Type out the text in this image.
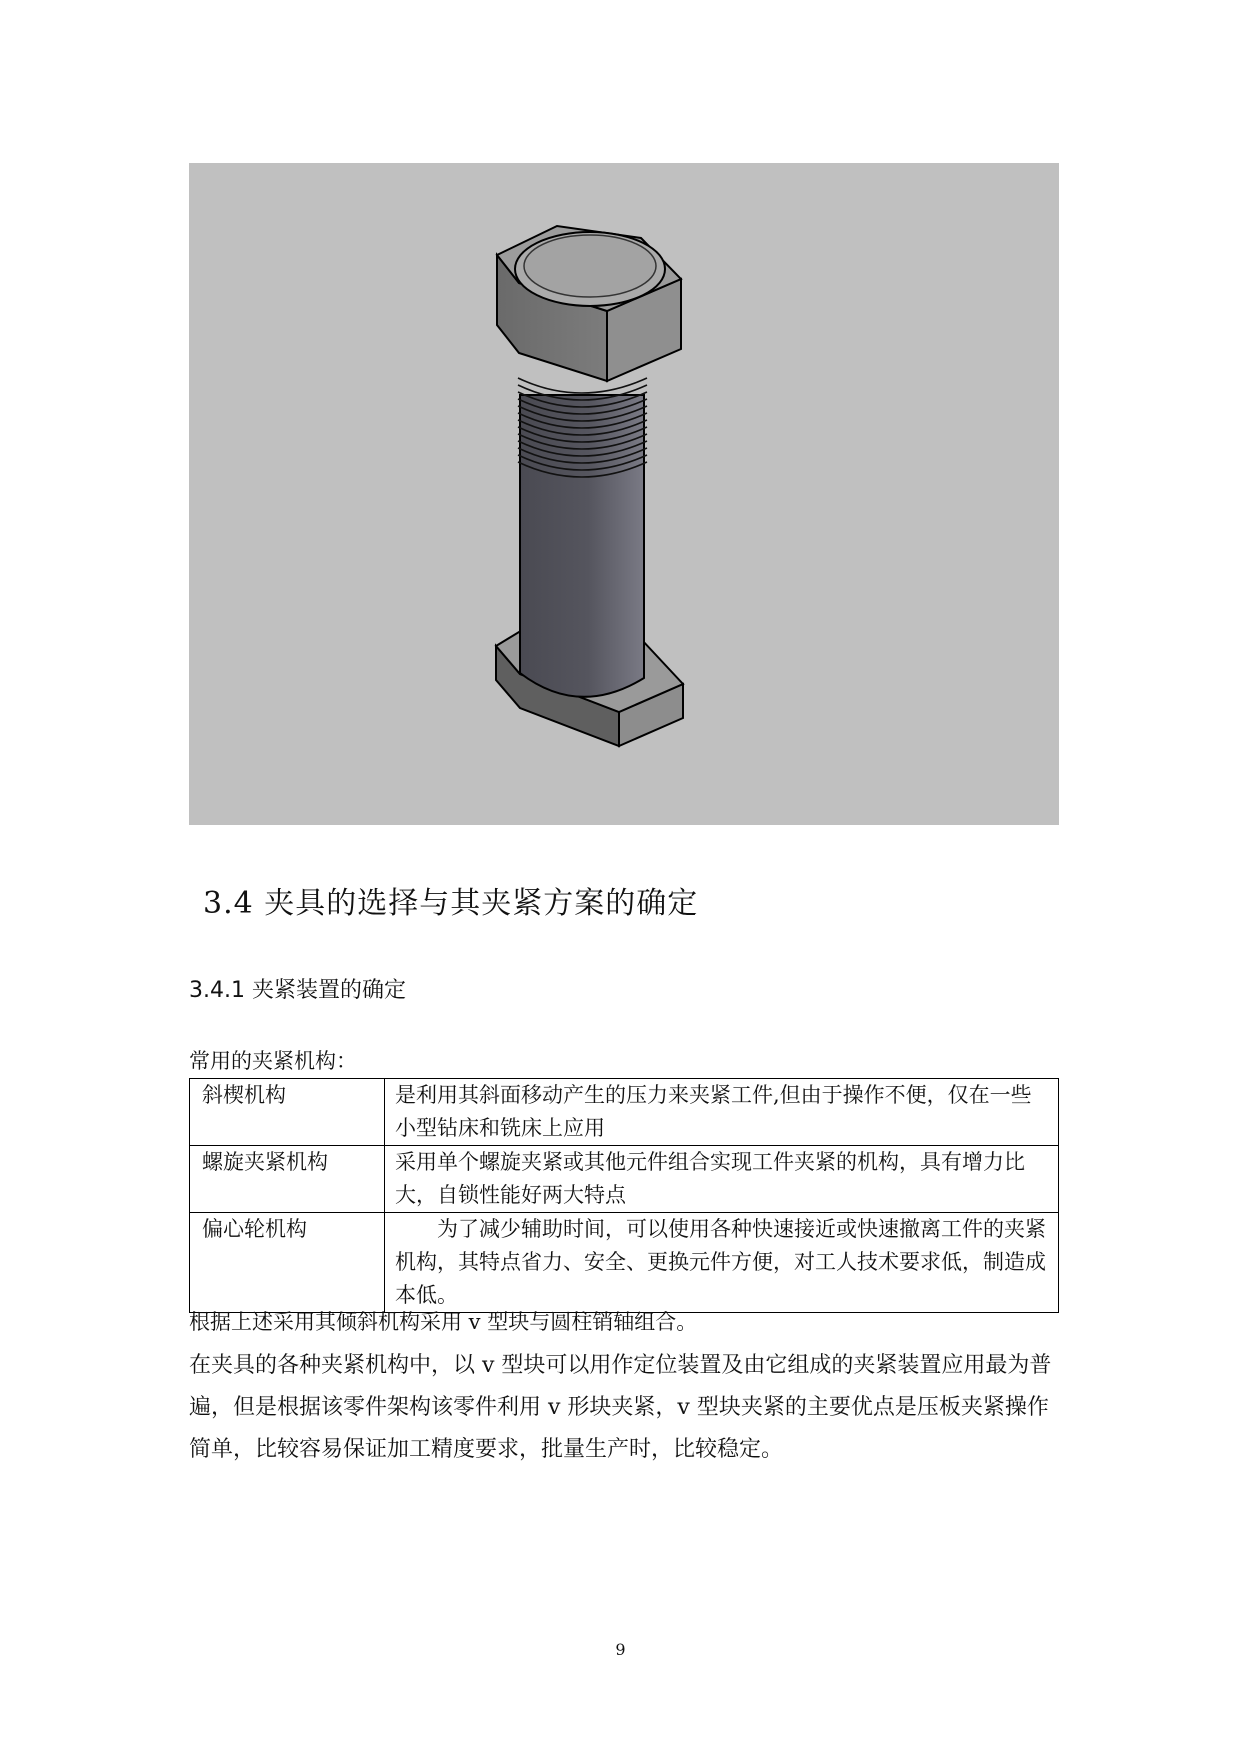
3.4 夹具的选择与其夹紧方案的确定
3.4.1 夹紧装置的确定
常用的夹紧机构：
斜楔机构	是利用其斜面移动产生的压力来夹紧工件,但由于操作不便，仅在一些小型钻床和铣床上应用
螺旋夹紧机构	采用单个螺旋夹紧或其他元件组合实现工件夹紧的机构，具有增力比大，自锁性能好两大特点
偏心轮机构	为了减少辅助时间，可以使用各种快速接近或快速撤离工件的夹紧机构，其特点省力、安全、更换元件方便，对工人技术要求低，制造成本低。
根据上述采用其倾斜机构采用 v 型块与圆柱销轴组合。
在夹具的各种夹紧机构中，以 v 型块可以用作定位装置及由它组成的夹紧装置应用最为普遍，但是根据该零件架构该零件利用 v 形块夹紧，v 型块夹紧的主要优点是压板夹紧操作简单，比较容易保证加工精度要求，批量生产时，比较稳定。
9
